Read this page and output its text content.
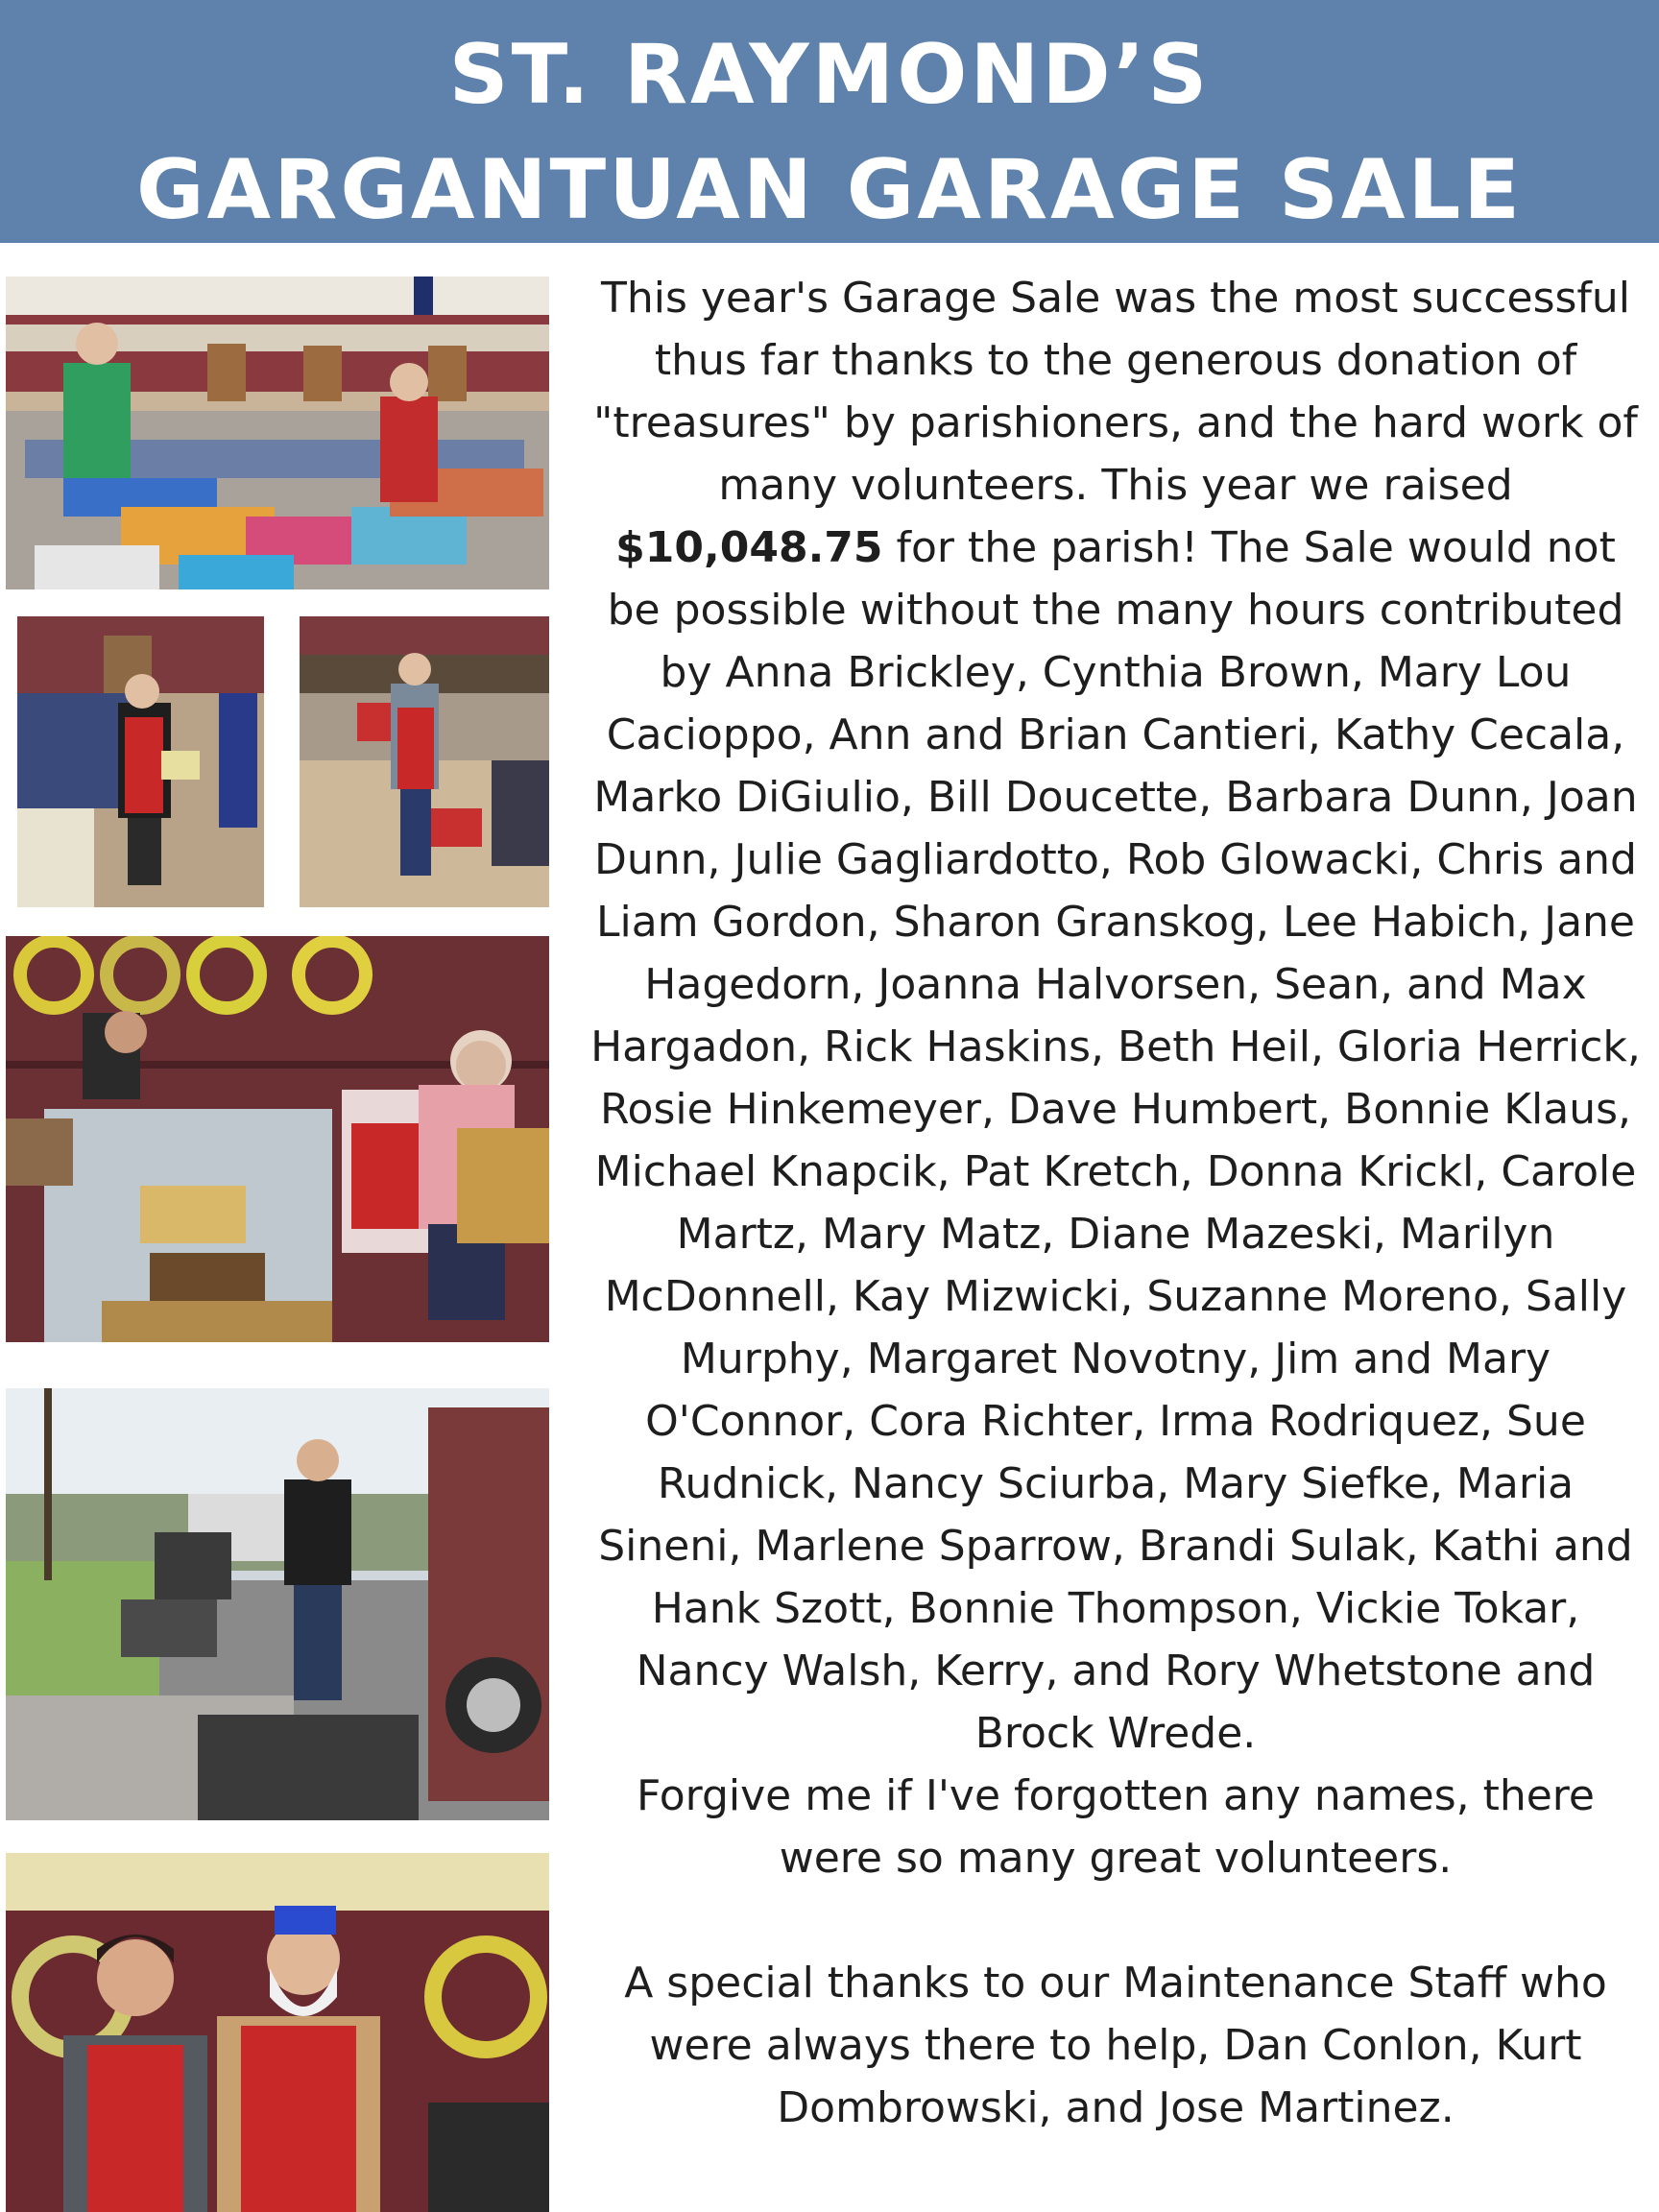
ST. RAYMOND’S
GARGANTUAN GARAGE SALE

This year's Garage Sale was the most successful thus far thanks to the generous donation of "treasures" by parishioners, and the hard work of many volunteers. This year we raised $10,048.75 for the parish! The Sale would not be possible without the many hours contributed by Anna Brickley, Cynthia Brown, Mary Lou Cacioppo, Ann and Brian Cantieri, Kathy Cecala, Marko DiGiulio, Bill Doucette, Barbara Dunn, Joan Dunn, Julie Gagliardotto, Rob Glowacki, Chris and Liam Gordon, Sharon Granskog, Lee Habich, Jane Hagedorn, Joanna Halvorsen, Sean, and Max Hargadon, Rick Haskins, Beth Heil, Gloria Herrick, Rosie Hinkemeyer, Dave Humbert, Bonnie Klaus, Michael Knapcik, Pat Kretch, Donna Krickl, Carole Martz, Mary Matz, Diane Mazeski, Marilyn McDonnell, Kay Mizwicki, Suzanne Moreno, Sally Murphy, Margaret Novotny, Jim and Mary O'Connor, Cora Richter, Irma Rodriquez, Sue Rudnick, Nancy Sciurba, Mary Siefke, Maria Sineni, Marlene Sparrow, Brandi Sulak, Kathi and Hank Szott, Bonnie Thompson, Vickie Tokar, Nancy Walsh, Kerry, and Rory Whetstone and Brock Wrede.

Forgive me if I've forgotten any names, there were so many great volunteers.

A special thanks to our Maintenance Staff who were always there to help, Dan Conlon, Kurt Dombrowski, and Jose Martinez.
